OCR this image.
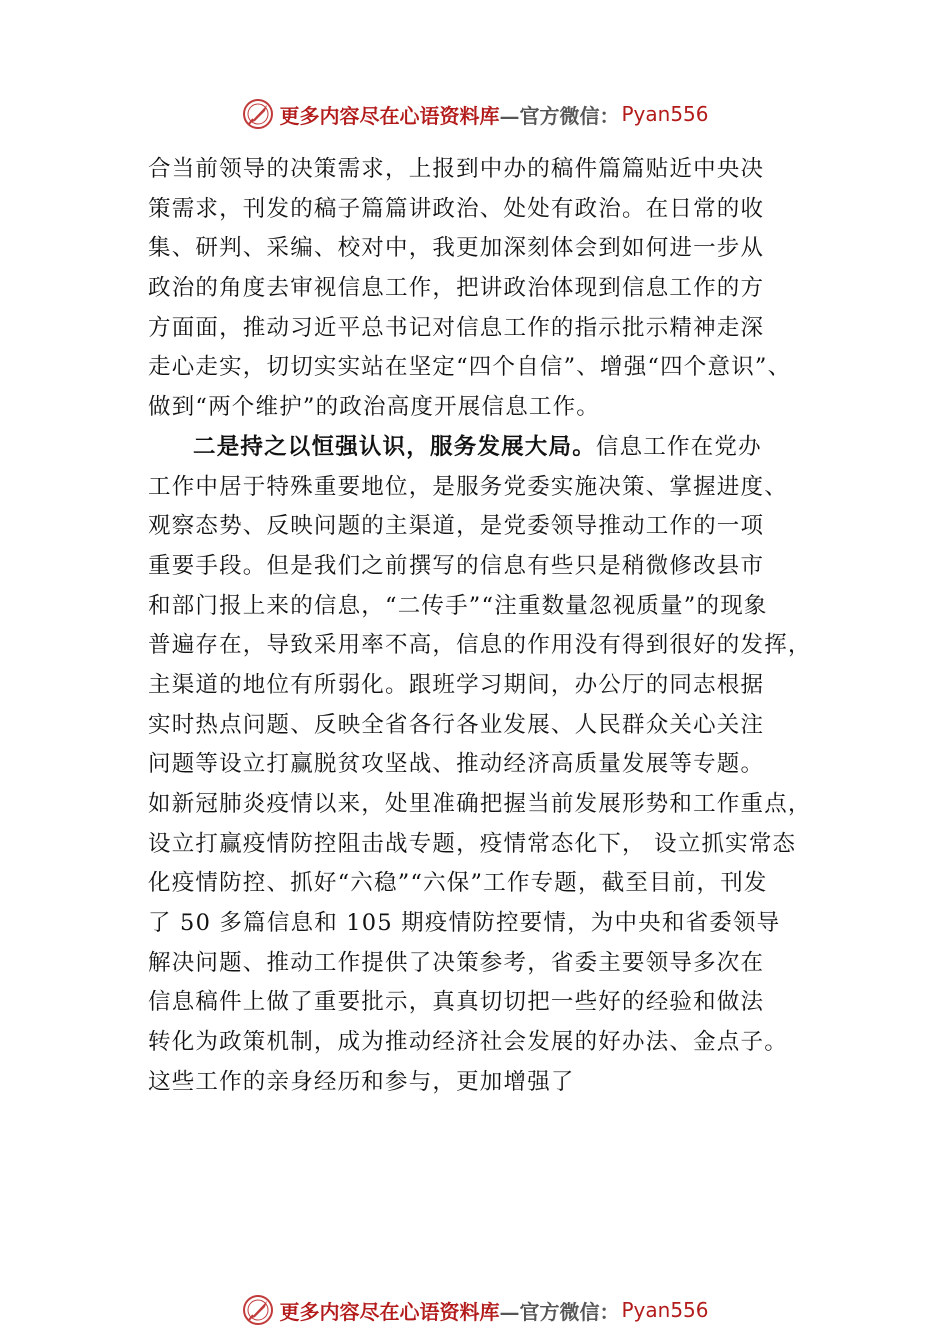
更多内容尽在心语资料库 —官方微信： Pyan556
合当前领导的决策需求，上报到中办的稿件篇篇贴近中央决
策需求，刊发的稿子篇篇讲政治、处处有政治。在日常的收
集、研判、采编、校对中，我更加深刻体会到如何进一步从
政治的角度去审视信息工作，把讲政治体现到信息工作的方
方面面，推动习近平总书记对信息工作的指示批示精神走深
走心走实，切切实实站在坚定“四个自信”、增强“四个意识”、
做到“两个维护”的政治高度开展信息工作。
二是持之以恒强认识，服务发展大局。信息工作在党办
工作中居于特殊重要地位，是服务党委实施决策、掌握进度、
观察态势、反映问题的主渠道，是党委领导推动工作的一项
重要手段。但是我们之前撰写的信息有些只是稍微修改县市
和部门报上来的信息，“二传手”“注重数量忽视质量”的现象
普遍存在，导致采用率不高，信息的作用没有得到很好的发挥，
主渠道的地位有所弱化。跟班学习期间，办公厅的同志根据
实时热点问题、反映全省各行各业发展、人民群众关心关注
问题等设立打赢脱贫攻坚战、推动经济高质量发展等专题。
如新冠肺炎疫情以来，处里准确把握当前发展形势和工作重点，
设立打赢疫情防控阻击战专题，疫情常态化下， 设立抓实常态
化疫情防控、抓好“六稳”“六保”工作专题，截至目前，刊发
了 50 多篇信息和 105 期疫情防控要情，为中央和省委领导
解决问题、推动工作提供了决策参考，省委主要领导多次在
信息稿件上做了重要批示，真真切切把一些好的经验和做法
转化为政策机制，成为推动经济社会发展的好办法、金点子。
这些工作的亲身经历和参与，更加增强了
更多内容尽在心语资料库 —官方微信： Pyan556
